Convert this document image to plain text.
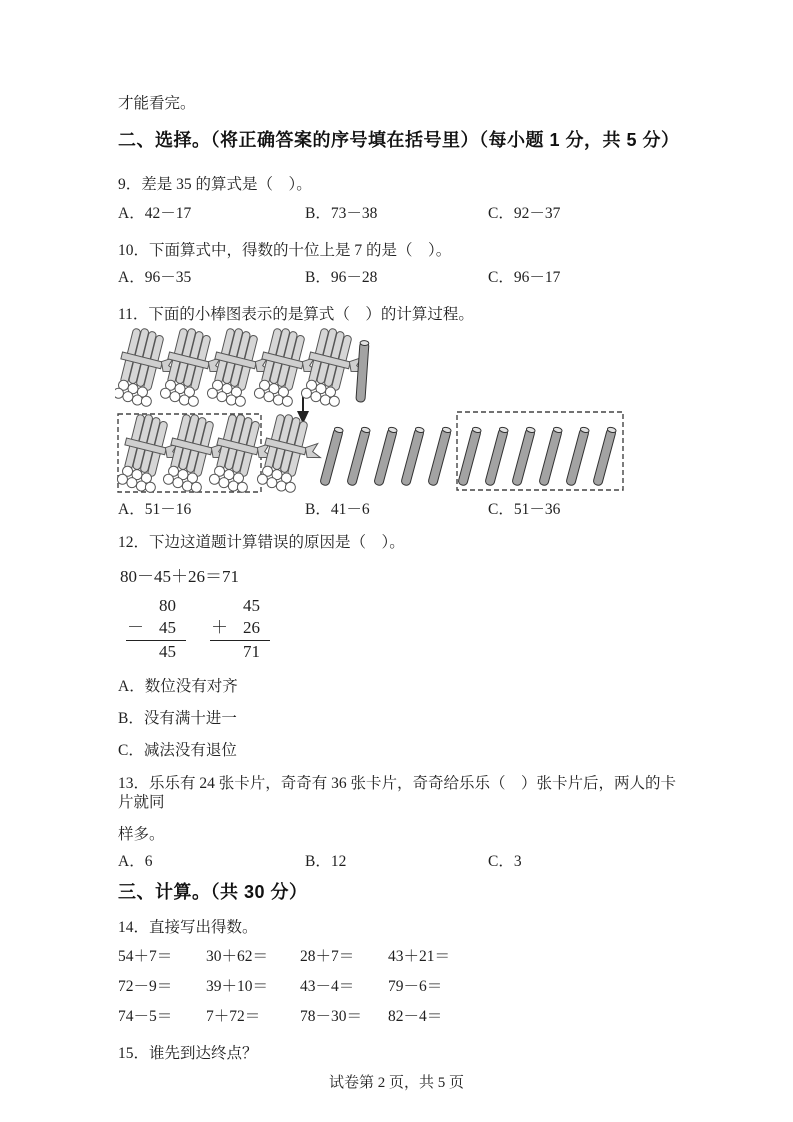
才能看完。

二、选择。（将正确答案的序号填在括号里）（每小题 1 分，共 5 分）

9．差是 35 的算式是（　）。

A．42－17	B．73－38	C．92－37

10．下面算式中，得数的十位上是 7 的是（　）。

A．96－35	B．96－28	C．96－17

11．下面的小棒图表示的是算式（　）的计算过程。

A．51－16	B．41－6	C．51－36

12．下边这道题计算错误的原因是（　）。

80－45＋26＝71

80
－ 45
45
45
＋ 26
71

A．数位没有对齐

B．没有满十进一

C．减法没有退位

13．乐乐有 24 张卡片，奇奇有 36 张卡片，奇奇给乐乐（　）张卡片后，两人的卡片就同

样多。

A．6	B．12	C．3
三、计算。（共 30 分）

14．直接写出得数。

54＋7＝	30＋62＝	28＋7＝	43＋21＝
72－9＝	39＋10＝	43－4＝	79－6＝
74－5＝	7＋72＝	78－30＝	82－4＝

15．谁先到达终点？

试卷第 2 页，共 5 页
